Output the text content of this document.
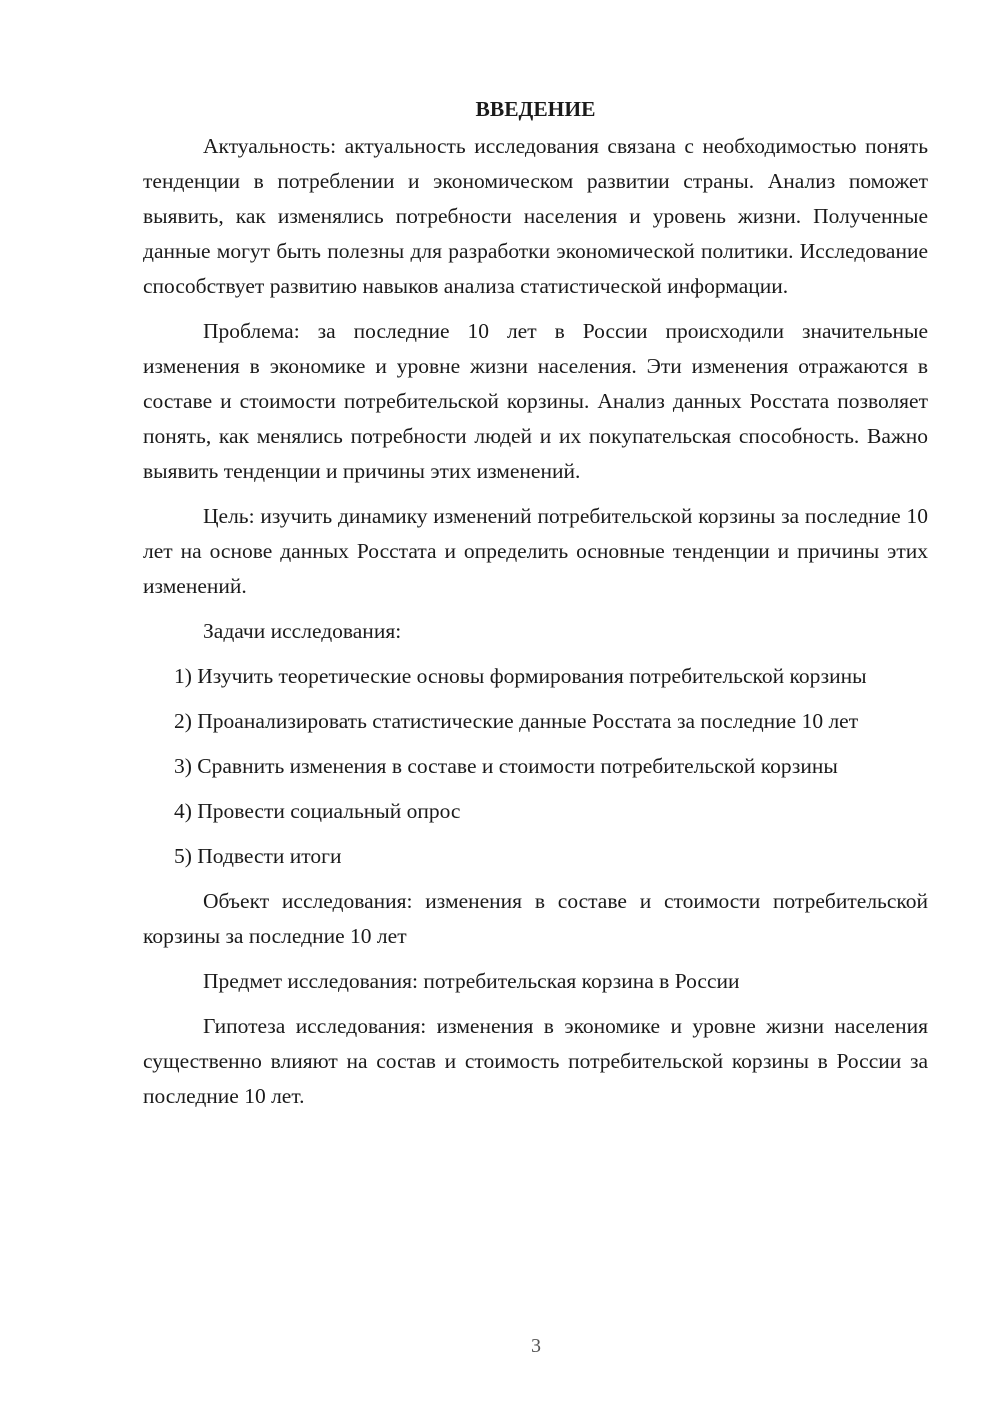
ВВЕДЕНИЕ

Актуальность: актуальность исследования связана с необходимостью понять тенденции в потреблении и экономическом развитии страны. Анализ поможет выявить, как изменялись потребности населения и уровень жизни. Полученные данные могут быть полезны для разработки экономической политики. Исследование способствует развитию навыков анализа статистической информации.

Проблема: за последние 10 лет в России происходили значительные изменения в экономике и уровне жизни населения. Эти изменения отражаются в составе и стоимости потребительской корзины. Анализ данных Росстата позволяет понять, как менялись потребности людей и их покупательская способность. Важно выявить тенденции и причины этих изменений.

Цель: изучить динамику изменений потребительской корзины за последние 10 лет на основе данных Росстата и определить основные тенденции и причины этих изменений.

Задачи исследования:

1) Изучить теоретические основы формирования потребительской корзины

2) Проанализировать статистические данные Росстата за последние 10 лет

3) Сравнить изменения в составе и стоимости потребительской корзины

4) Провести социальный опрос

5) Подвести итоги

Объект исследования: изменения в составе и стоимости потребительской корзины за последние 10 лет

Предмет исследования: потребительская корзина в России

Гипотеза исследования: изменения в экономике и уровне жизни населения существенно влияют на состав и стоимость потребительской корзины в России за последние 10 лет.

3
